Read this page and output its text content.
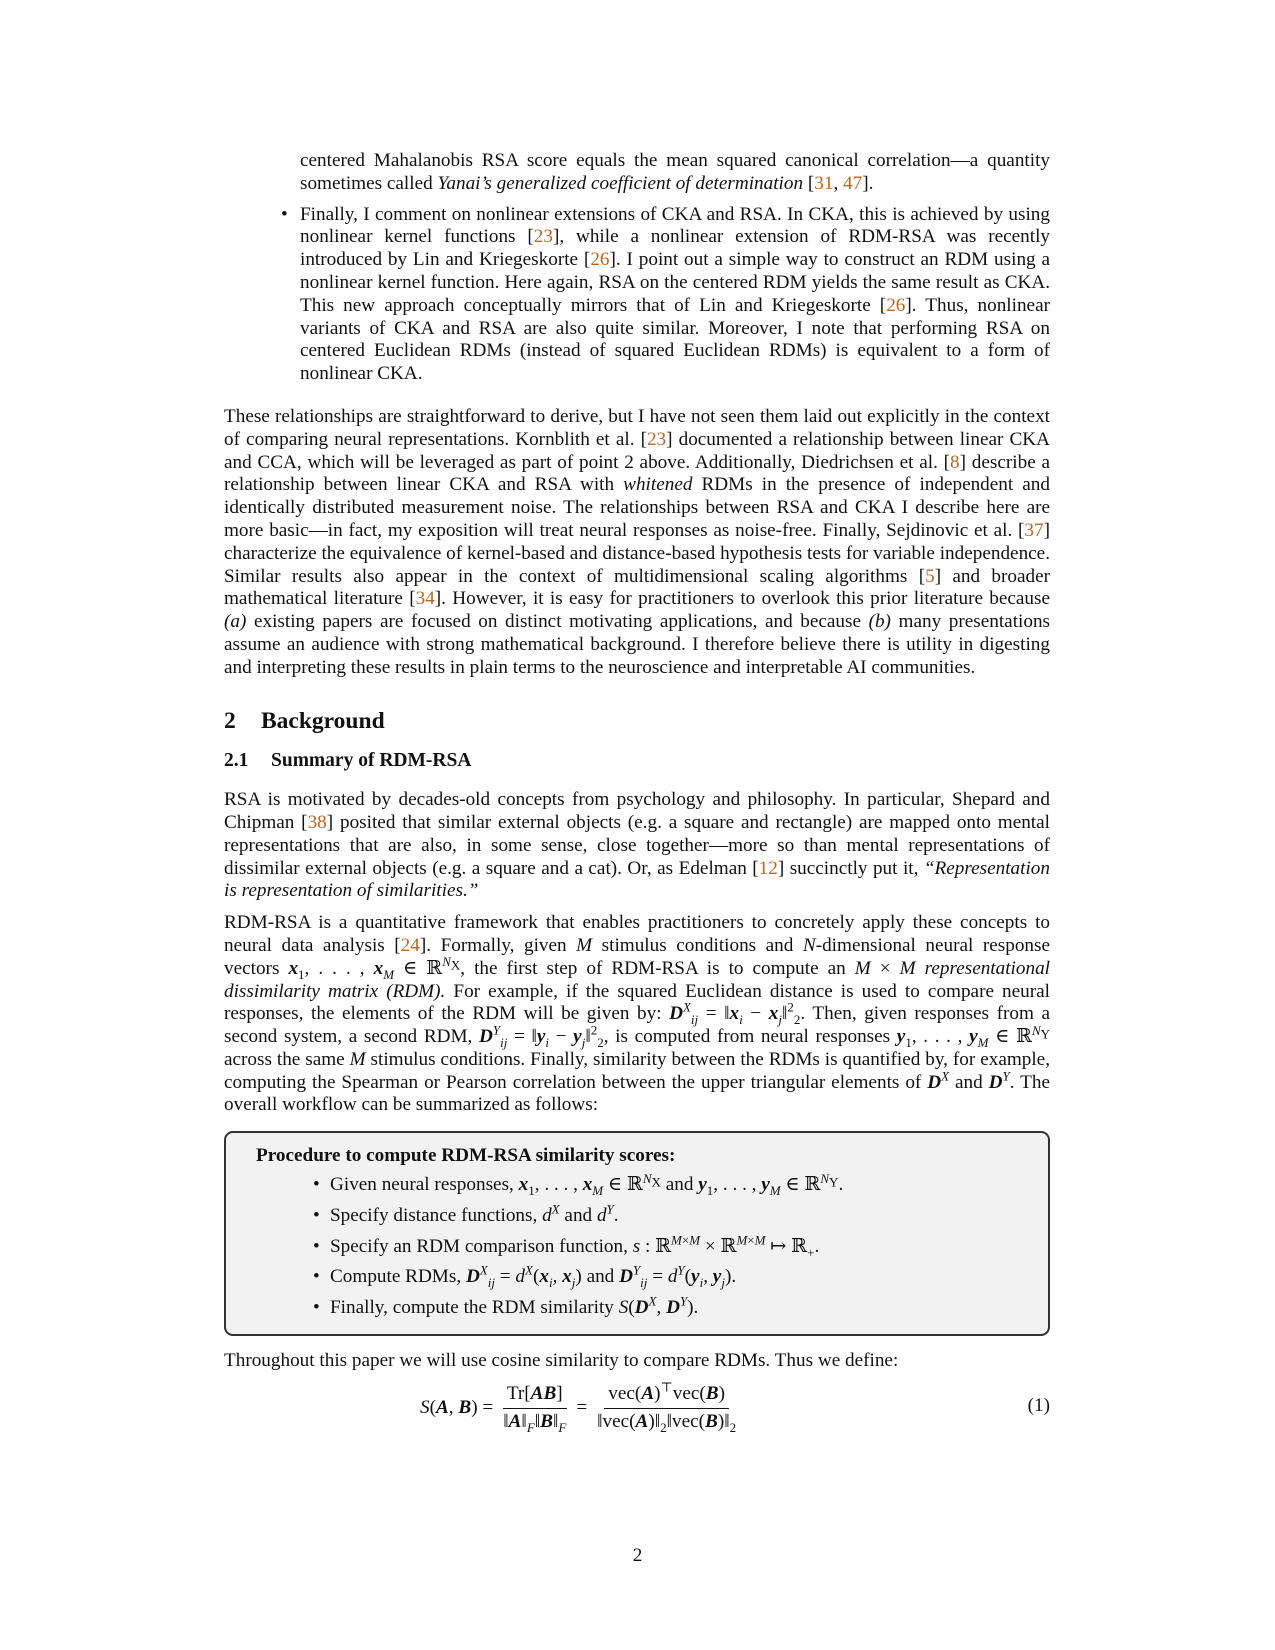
centered Mahalanobis RSA score equals the mean squared canonical correlation—a quantity sometimes called Yanai’s generalized coefficient of determination [31, 47].

• Finally, I comment on nonlinear extensions of CKA and RSA. In CKA, this is achieved by using nonlinear kernel functions [23], while a nonlinear extension of RDM-RSA was recently introduced by Lin and Kriegeskorte [26]. I point out a simple way to construct an RDM using a nonlinear kernel function. Here again, RSA on the centered RDM yields the same result as CKA. This new approach conceptually mirrors that of Lin and Kriegeskorte [26]. Thus, nonlinear variants of CKA and RSA are also quite similar. Moreover, I note that performing RSA on centered Euclidean RDMs (instead of squared Euclidean RDMs) is equivalent to a form of nonlinear CKA.

These relationships are straightforward to derive, but I have not seen them laid out explicitly in the context of comparing neural representations. Kornblith et al. [23] documented a relationship between linear CKA and CCA, which will be leveraged as part of point 2 above. Additionally, Diedrichsen et al. [8] describe a relationship between linear CKA and RSA with whitened RDMs in the presence of independent and identically distributed measurement noise. The relationships between RSA and CKA I describe here are more basic—in fact, my exposition will treat neural responses as noise-free. Finally, Sejdinovic et al. [37] characterize the equivalence of kernel-based and distance-based hypothesis tests for variable independence. Similar results also appear in the context of multidimensional scaling algorithms [5] and broader mathematical literature [34]. However, it is easy for practitioners to overlook this prior literature because (a) existing papers are focused on distinct motivating applications, and because (b) many presentations assume an audience with strong mathematical background. I therefore believe there is utility in digesting and interpreting these results in plain terms to the neuroscience and interpretable AI communities.

2 Background
2.1 Summary of RDM-RSA

RSA is motivated by decades-old concepts from psychology and philosophy. In particular, Shepard and Chipman [38] posited that similar external objects (e.g. a square and rectangle) are mapped onto mental representations that are also, in some sense, close together—more so than mental representations of dissimilar external objects (e.g. a square and a cat). Or, as Edelman [12] succinctly put it, “Representation is representation of similarities.”

RDM-RSA is a quantitative framework that enables practitioners to concretely apply these concepts to neural data analysis [24]. Formally, given M stimulus conditions and N-dimensional neural response vectors $x_1$, . . . , $x_M$ ∈ ℝ$^{N_X}$, the first step of RDM-RSA is to compute an M × M representational dissimilarity matrix (RDM). For example, if the squared Euclidean distance is used to compare neural responses, the elements of the RDM will be given by: $D^X_{ij}$ = $‖x_i$ − $x_j‖^2_2$. Then, given responses from a second system, a second RDM, $D^Y_{ij}$ = $‖y_i$ − $y_j‖^2_2$, is computed from neural responses $y_1$, . . . , $y_M$ ∈ ℝ$^{N_Y}$ across the same M stimulus conditions. Finally, similarity between the RDMs is quantified by, for example, computing the Spearman or Pearson correlation between the upper triangular elements of $D^X$ and $D^Y$. The overall workflow can be summarized as follows:

Procedure to compute RDM-RSA similarity scores:
• Given neural responses, $x_1$, . . . , $x_M$ ∈ ℝ$^{N_X}$ and $y_1$, . . . , $y_M$ ∈ ℝ$^{N_Y}$.
• Specify distance functions, $d^X$ and $d^Y$.
• Specify an RDM comparison function, s : ℝ$^{M\times M}$ × ℝ$^{M\times M}$ ↦ ℝ$_+$.
• Compute RDMs, $D^X_{ij} = d^X(x_i$, $x_j$) and $D^Y_{ij} = d^Y(y_i$, $y_j$).
• Finally, compute the RDM similarity $S(D^X$, $D^Y$).

Throughout this paper we will use cosine similarity to compare RDMs. Thus we define:

S(A, $B) = \frac{Tr[AB]}{‖A‖_F‖B‖_F} = \frac{vec(A)^⊤vec(B)}{‖vec(A)‖_2‖vec(B)‖_2}$	(1)
2
